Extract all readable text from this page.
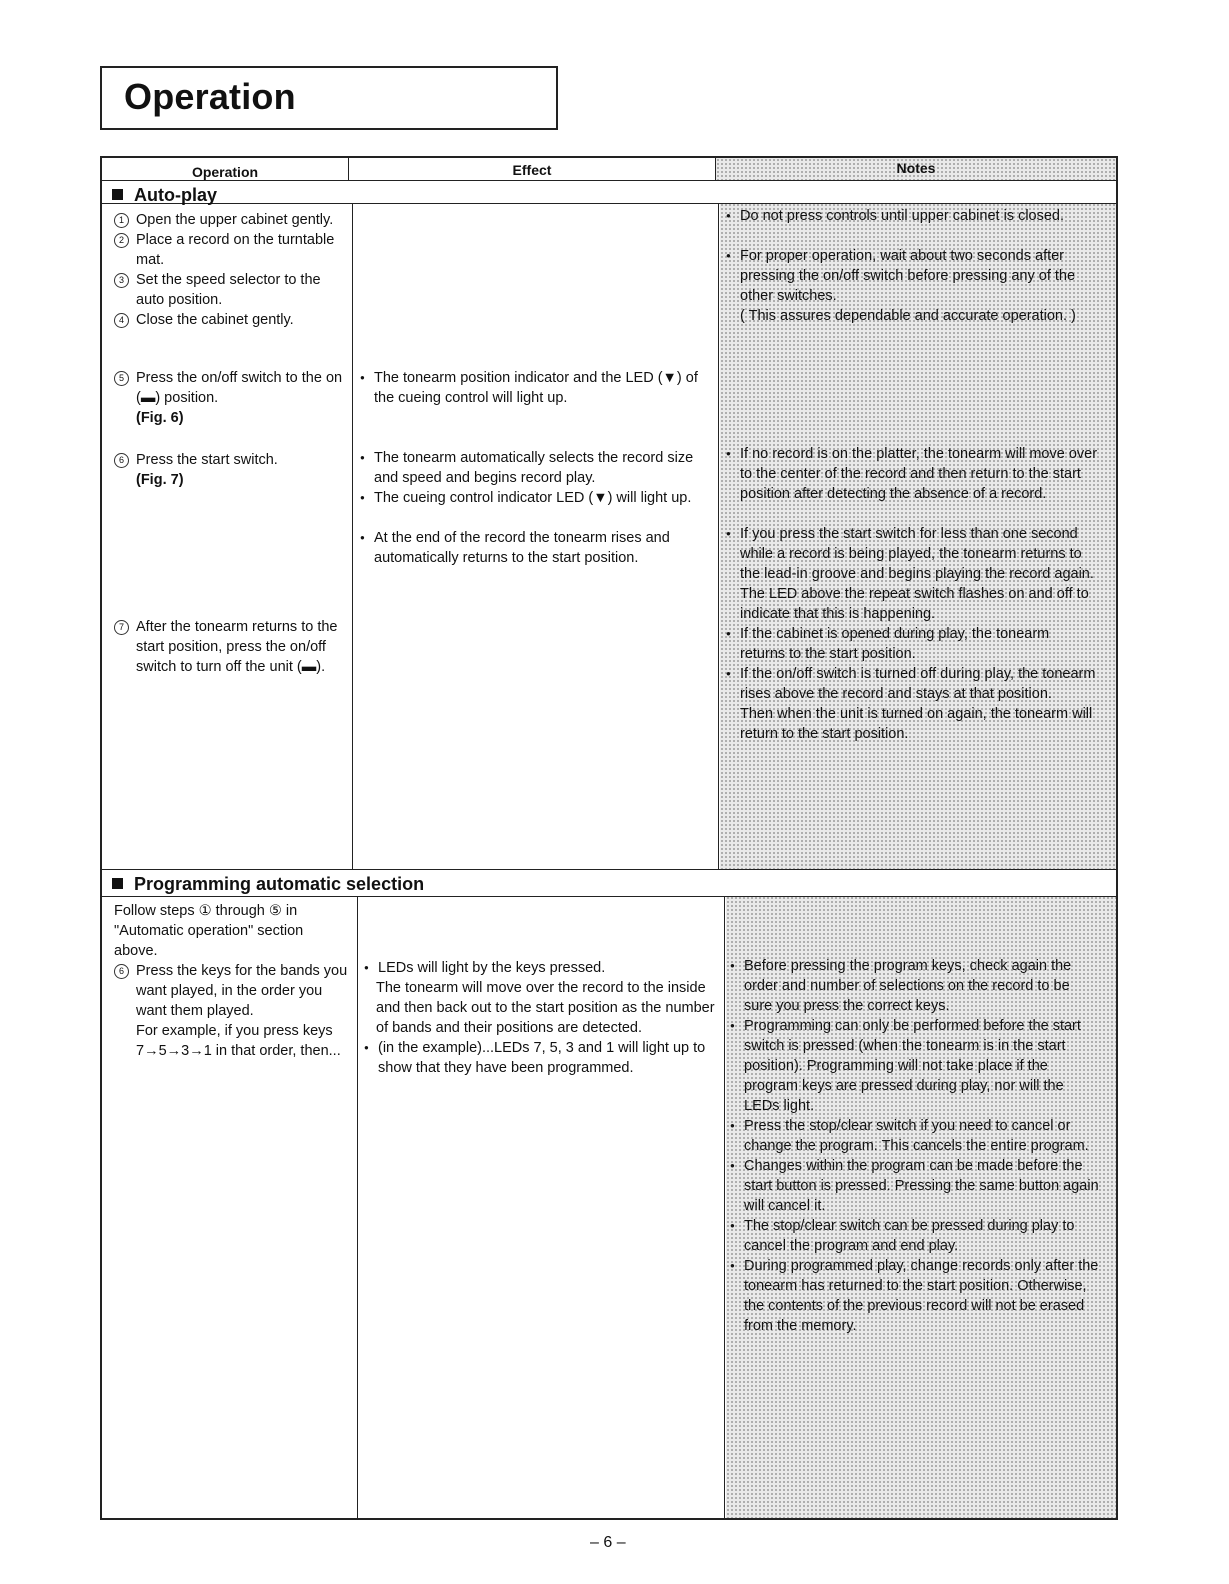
Operation
Operation	Effect	Notes
Auto-play
1 Open the upper cabinet gently.
2 Place a record on the turntable mat.
3 Set the speed selector to the auto position.
4 Close the cabinet gently.
5 Press the on/off switch to the on (▬) position.
(Fig. 6)
6 Press the start switch.
(Fig. 7)
7 After the tonearm returns to the start position, press the on/off switch to turn off the unit (▬).
● The tonearm position indicator and the LED (▼) of the cueing control will light up.
● The tonearm automatically selects the record size and speed and begins record play.
● The cueing control indicator LED (▼) will light up.
● At the end of the record the tonearm rises and automatically returns to the start position.
● Do not press controls until upper cabinet is closed.
● For proper operation, wait about two seconds after pressing the on/off switch before pressing any of the other switches.
( This assures dependable and accurate operation. )
● If no record is on the platter, the tonearm will move over to the center of the record and then return to the start position after detecting the absence of a record.
● If you press the start switch for less than one second while a record is being played, the tonearm returns to the lead-in groove and begins playing the record again. The LED above the repeat switch flashes on and off to indicate that this is happening.
● If the cabinet is opened during play, the tonearm returns to the start position.
● If the on/off switch is turned off during play, the tonearm rises above the record and stays at that position.
Then when the unit is turned on again, the tonearm will return to the start position.
Programming automatic selection
Follow steps ① through ⑤ in "Automatic operation" section above.
6 Press the keys for the bands you want played, in the order you want them played.
For example, if you press keys 7→5→3→1 in that order, then...
● LEDs will light by the keys pressed.
The tonearm will move over the record to the inside and then back out to the start position as the number of bands and their positions are detected.
● (in the example)...LEDs 7, 5, 3 and 1 will light up to show that they have been programmed.
● Before pressing the program keys, check again the order and number of selections on the record to be sure you press the correct keys.
● Programming can only be performed before the start switch is pressed (when the tonearm is in the start position). Programming will not take place if the program keys are pressed during play, nor will the LEDs light.
● Press the stop/clear switch if you need to cancel or change the program. This cancels the entire program.
● Changes within the program can be made before the start button is pressed. Pressing the same button again will cancel it.
● The stop/clear switch can be pressed during play to cancel the program and end play.
● During programmed play, change records only after the tonearm has returned to the start position. Otherwise, the contents of the previous record will not be erased from the memory.
– 6 –
